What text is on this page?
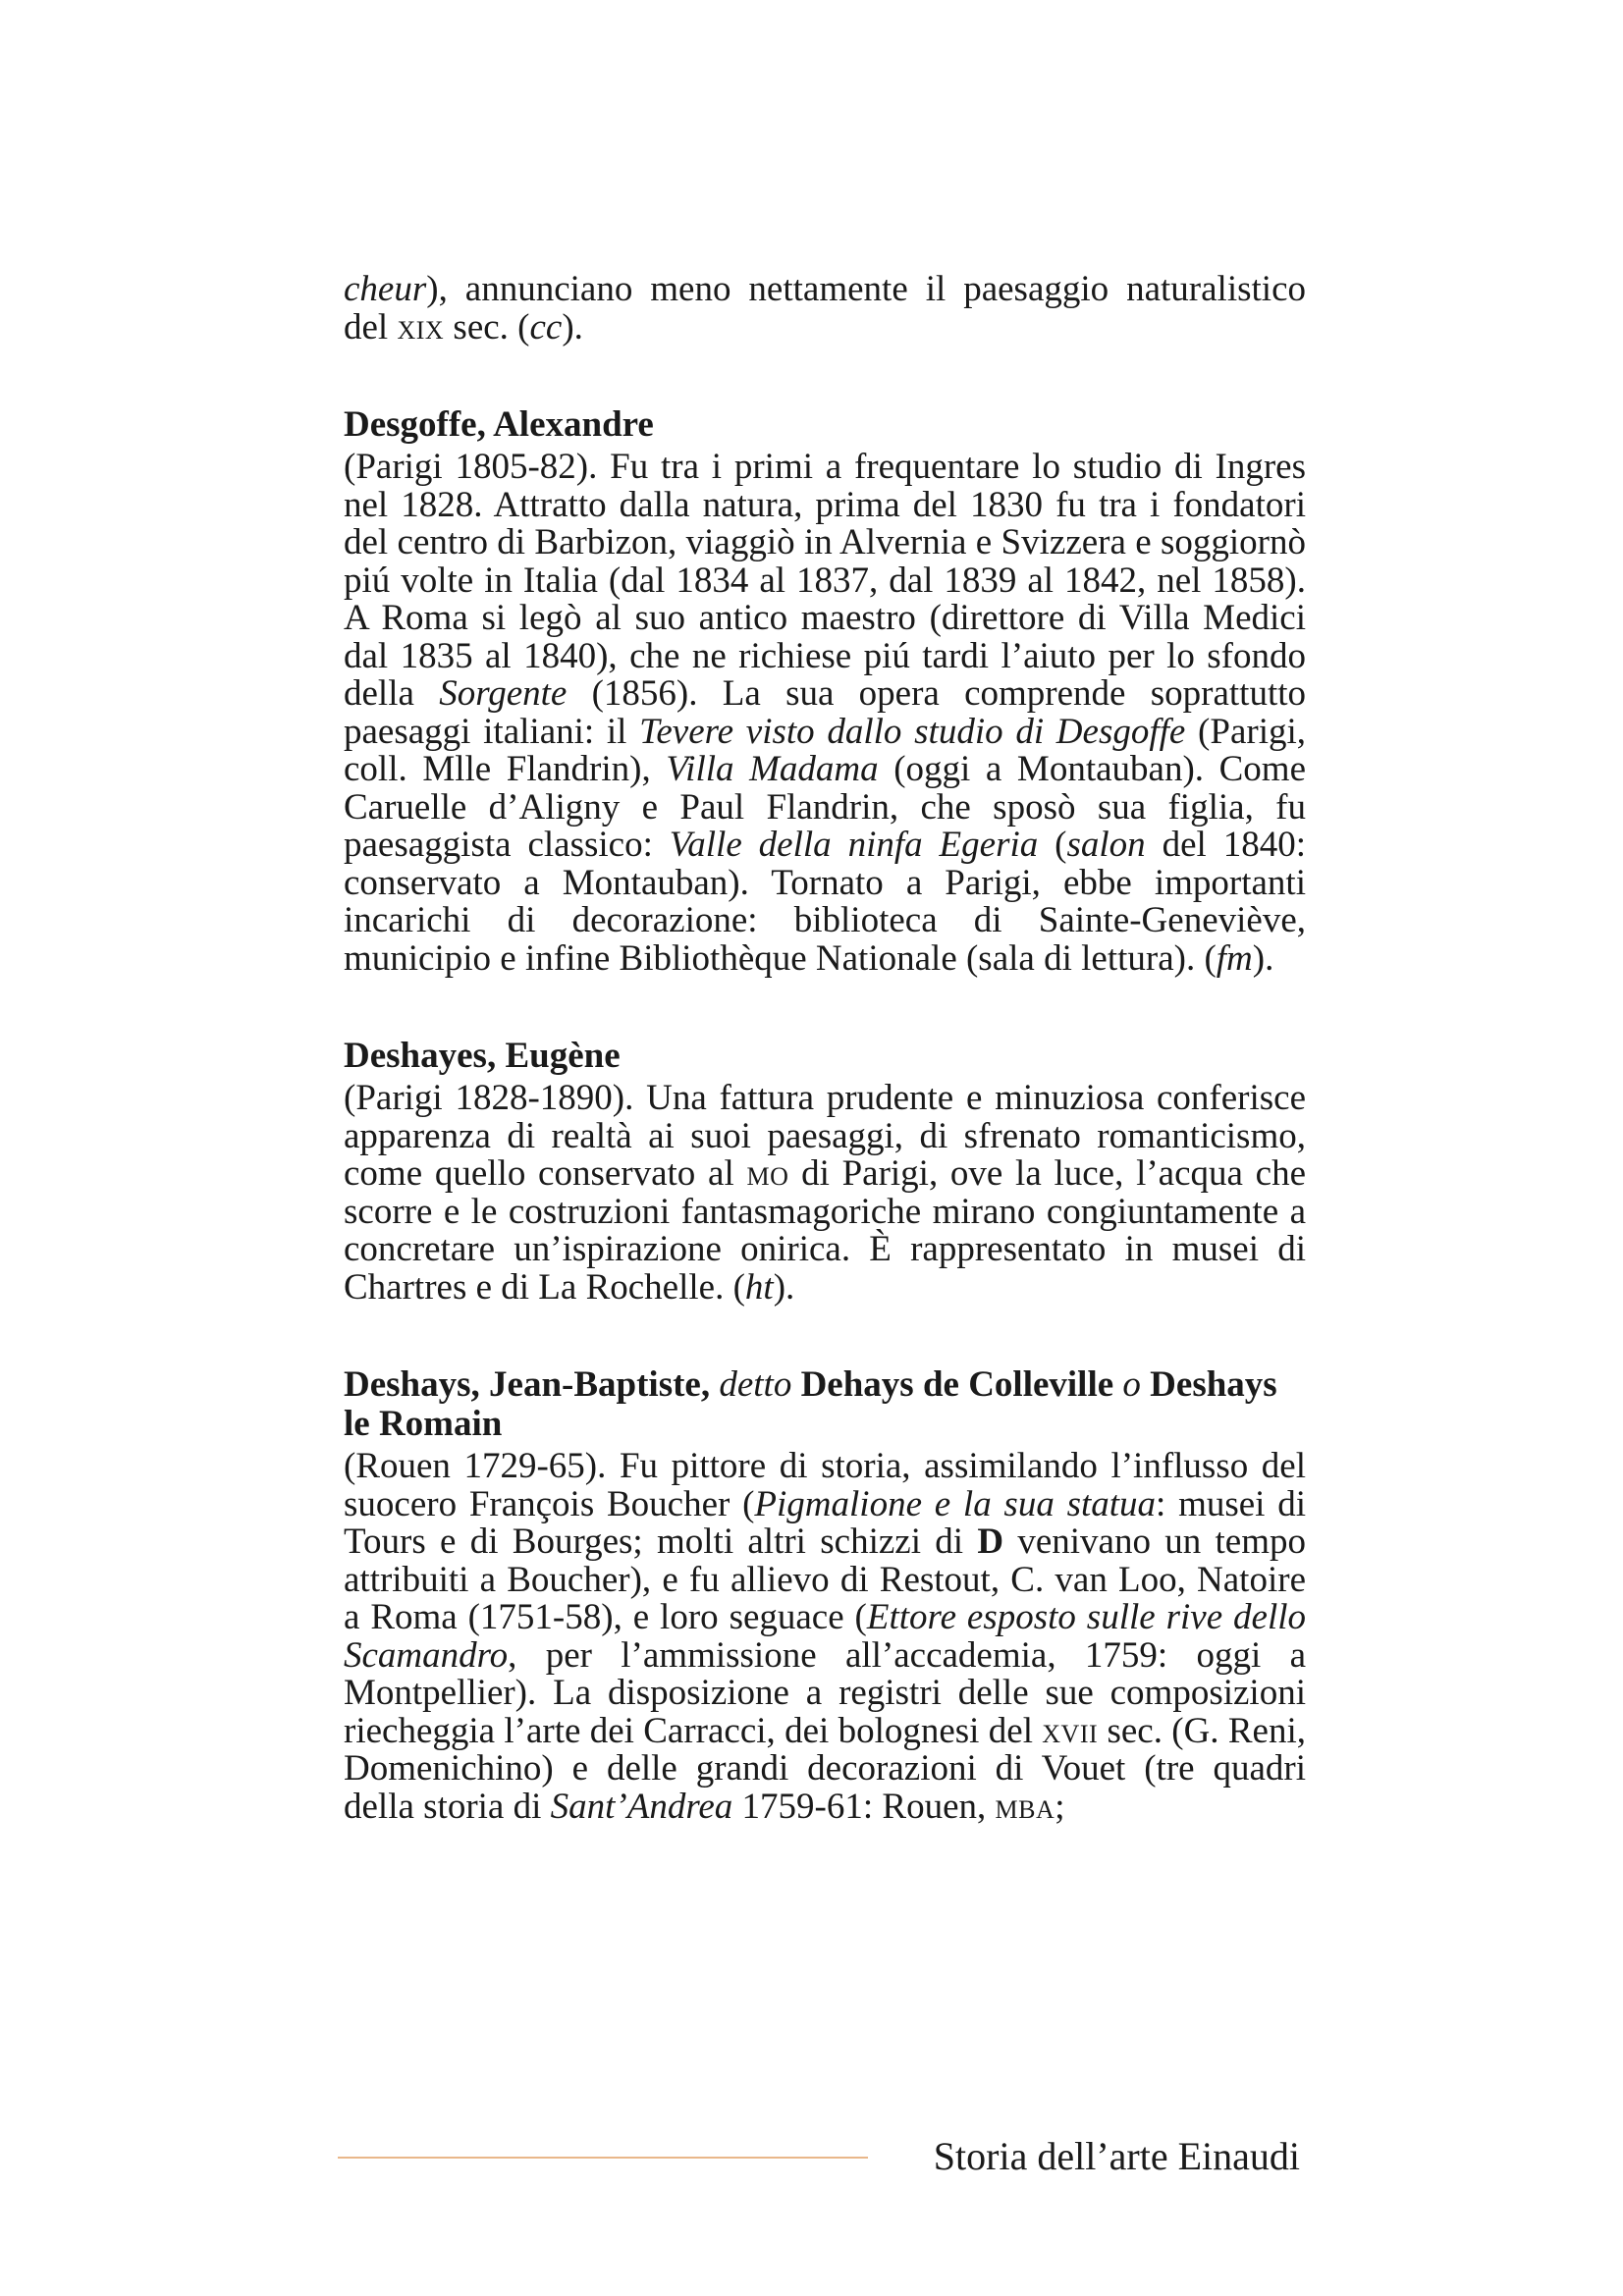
cheur), annunciano meno nettamente il paesaggio naturalistico del xix sec. (cc).

Desgoffe, Alexandre

(Parigi 1805-82). Fu tra i primi a frequentare lo studio di Ingres nel 1828. Attratto dalla natura, prima del 1830 fu tra i fondatori del centro di Barbizon, viaggiò in Alvernia e Svizzera e soggiornò piú volte in Italia (dal 1834 al 1837, dal 1839 al 1842, nel 1858). A Roma si legò al suo antico maestro (direttore di Villa Medici dal 1835 al 1840), che ne richiese piú tardi l’aiuto per lo sfondo della Sorgente (1856). La sua opera comprende soprattutto paesaggi italiani: il Tevere visto dallo studio di Desgoffe (Parigi, coll. Mlle Flandrin), Villa Madama (oggi a Montauban). Come Caruelle d’Aligny e Paul Flandrin, che sposò sua figlia, fu paesaggista classico: Valle della ninfa Egeria (salon del 1840: conservato a Montauban). Tornato a Parigi, ebbe importanti incarichi di decorazione: biblioteca di Sainte-Geneviève, municipio e infine Bibliothèque Nationale (sala di lettura). (fm).

Deshayes, Eugène

(Parigi 1828-1890). Una fattura prudente e minuziosa conferisce apparenza di realtà ai suoi paesaggi, di sfrenato romanticismo, come quello conservato al mo di Parigi, ove la luce, l’acqua che scorre e le costruzioni fantasmagoriche mirano congiuntamente a concretare un’ispirazione onirica. È rappresentato in musei di Chartres e di La Rochelle. (ht).

Deshays, Jean-Baptiste, detto Dehays de Colleville o Deshays le Romain

(Rouen 1729-65). Fu pittore di storia, assimilando l’influsso del suocero François Boucher (Pigmalione e la sua statua: musei di Tours e di Bourges; molti altri schizzi di D venivano un tempo attribuiti a Boucher), e fu allievo di Restout, C. van Loo, Natoire a Roma (1751-58), e loro seguace (Ettore esposto sulle rive dello Scamandro, per l’ammissione all’accademia, 1759: oggi a Montpellier). La disposizione a registri delle sue composizioni riecheggia l’arte dei Carracci, dei bolognesi del xvii sec. (G. Reni, Domenichino) e delle grandi decorazioni di Vouet (tre quadri della storia di Sant’Andrea 1759-61: Rouen, mba;

Storia dell’arte Einaudi
